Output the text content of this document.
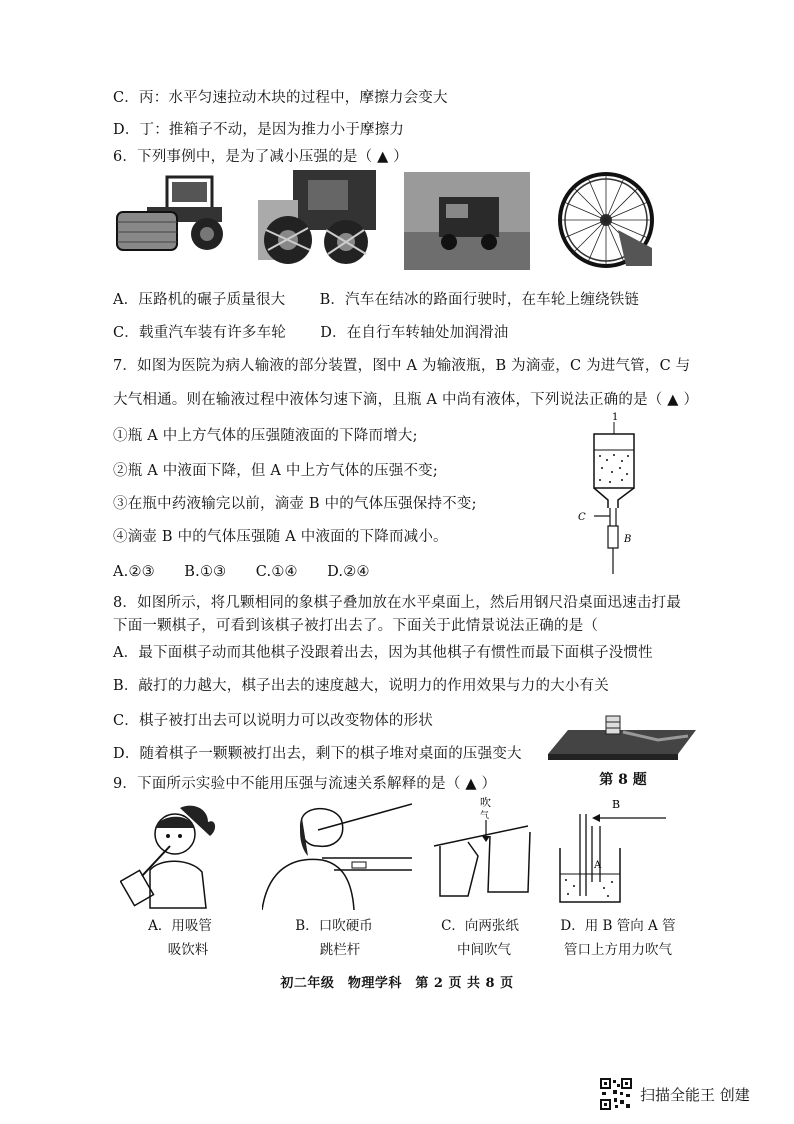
C．丙：水平匀速拉动木块的过程中，摩擦力会变大
D．丁：推箱子不动，是因为推力小于摩擦力
6．下列事例中，是为了减小压强的是（ ▲ ）
A．压路机的碾子质量很大　　 B．汽车在结冰的路面行驶时，在车轮上缠绕铁链
C．载重汽车装有许多车轮　　 D．在自行车转轴处加润滑油
7．如图为医院为病人输液的部分装置，图中 A 为输液瓶，B 为滴壶，C 为进气管，C 与
大气相通。则在输液过程中液体匀速下滴，且瓶 A 中尚有液体，下列说法正确的是（ ▲ ）
①瓶 A 中上方气体的压强随液面的下降而增大;
②瓶 A 中液面下降，但 A 中上方气体的压强不变;
③在瓶中药液输完以前，滴壶 B 中的气体压强保持不变;
④滴壶 B 中的气体压强随 A 中液面的下降而减小。
A.②③　　B.①③　　C.①④　　D.②④
1
C
B
8．如图所示，将几颗相同的象棋子叠加放在水平桌面上，然后用钢尺沿桌面迅速击打最
下面一颗棋子，可看到该棋子被打出去了。下面关于此情景说法正确的是（
A．最下面棋子动而其他棋子没跟着出去，因为其他棋子有惯性而最下面棋子没惯性
B．敲打的力越大，棋子出去的速度越大，说明力的作用效果与力的大小有关
C．棋子被打出去可以说明力可以改变物体的形状
D．随着棋子一颗颗被打出去，剩下的棋子堆对桌面的压强变大
第 8 题
9．下面所示实验中不能用压强与流速关系解释的是（ ▲ ）
吹
气
B
A
A．用吸管
吸饮料
B．口吹硬币
跳栏杆
C．向两张纸
中间吹气
D．用 B 管向 A 管
管口上方用力吹气
初二年级　物理学科　第 2 页 共 8 页
扫描全能王 创建
